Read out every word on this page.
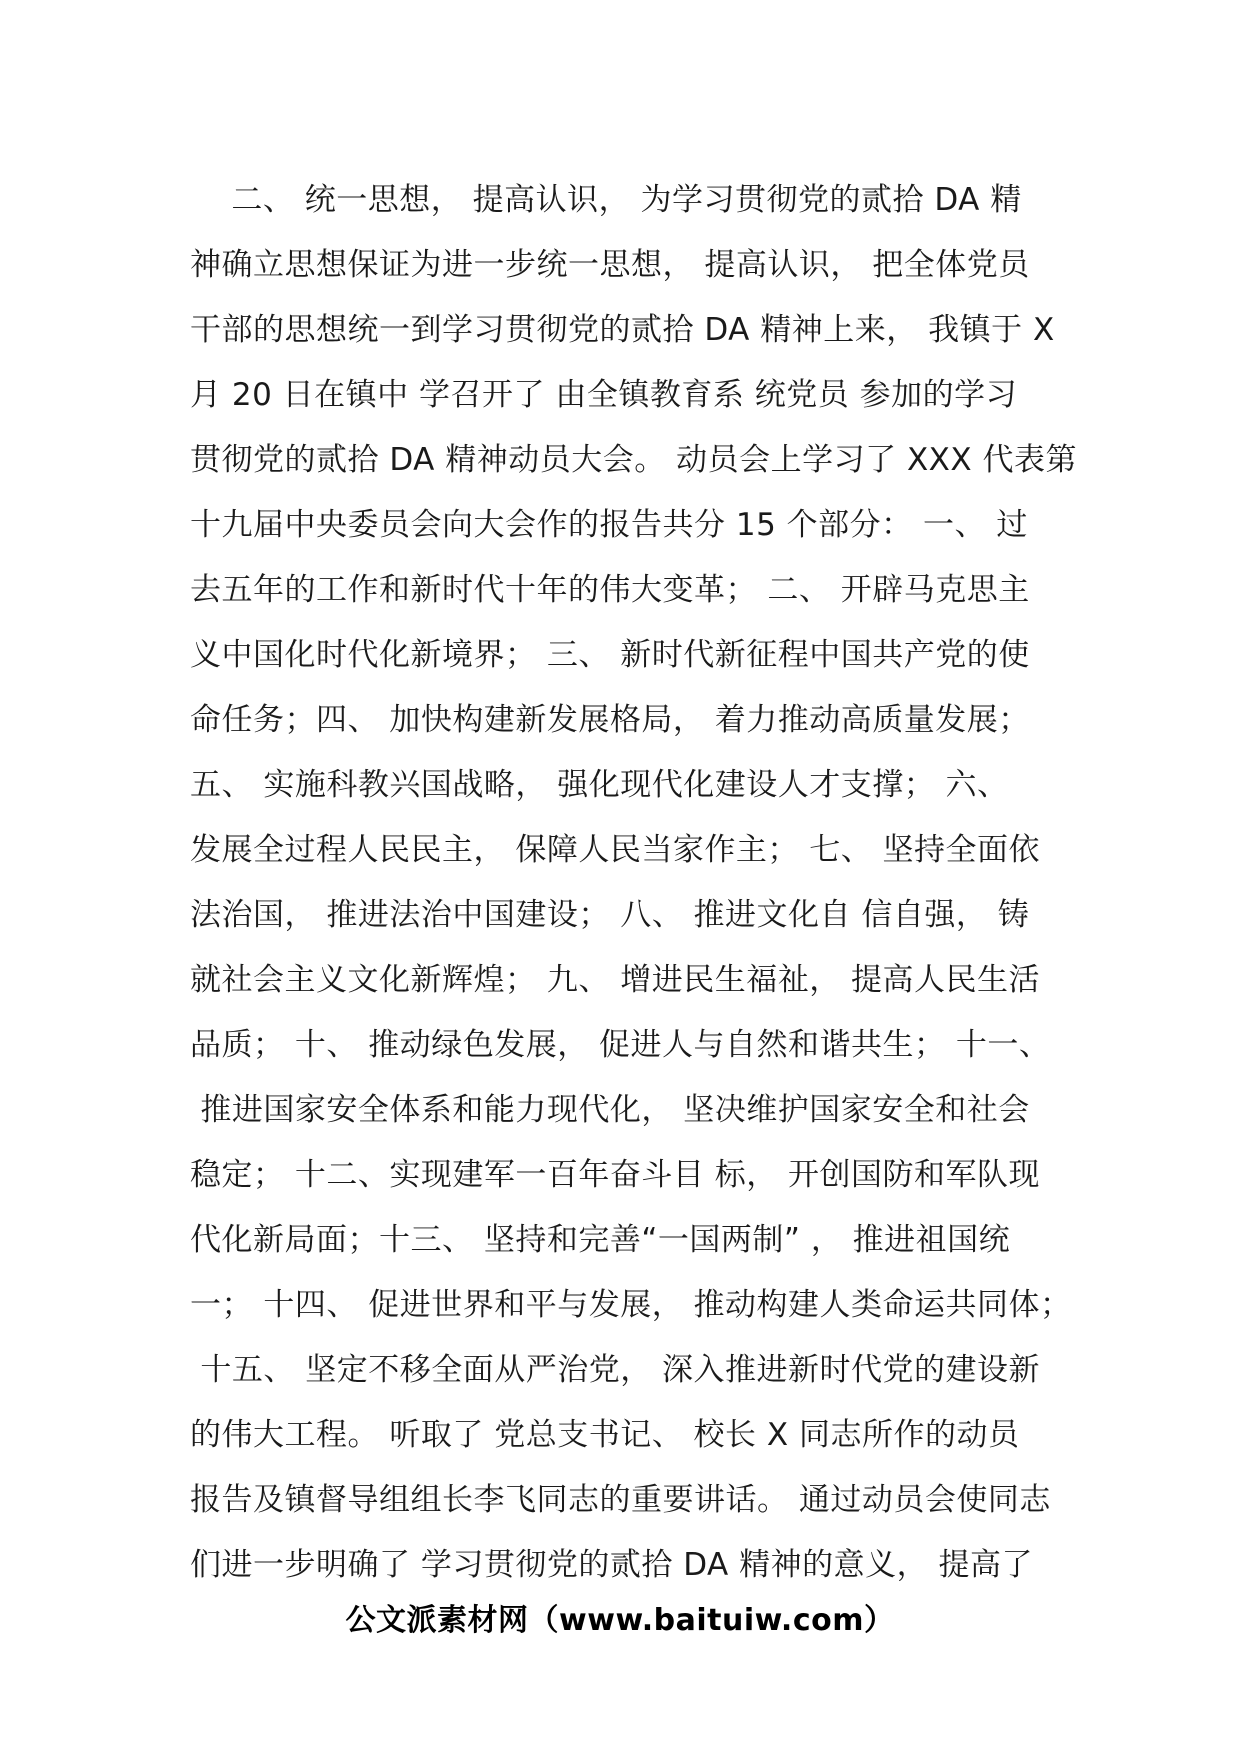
二、 统一思想， 提高认识， 为学习贯彻党的贰拾 DA 精
神确立思想保证为进一步统一思想， 提高认识， 把全体党员
干部的思想统一到学习贯彻党的贰拾 DA 精神上来， 我镇于 X
月 20 日在镇中 学召开了 由全镇教育系 统党员 参加的学习
贯彻党的贰拾 DA 精神动员大会。 动员会上学习了 XXX 代表第
十九届中央委员会向大会作的报告共分 15 个部分： 一、 过
去五年的工作和新时代十年的伟大变革； 二、 开辟马克思主
义中国化时代化新境界； 三、 新时代新征程中国共产党的使
命任务；四、 加快构建新发展格局， 着力推动高质量发展；
五、 实施科教兴国战略， 强化现代化建设人才支撑； 六、
发展全过程人民民主， 保障人民当家作主； 七、 坚持全面依
法治国， 推进法治中国建设； 八、 推进文化自 信自强， 铸
就社会主义文化新辉煌； 九、 增进民生福祉， 提高人民生活
品质； 十、 推动绿色发展， 促进人与自然和谐共生； 十一、
推进国家安全体系和能力现代化， 坚决维护国家安全和社会
稳定； 十二、实现建军一百年奋斗目 标， 开创国防和军队现
代化新局面；十三、 坚持和完善“一国两制” ， 推进祖国统
一； 十四、 促进世界和平与发展， 推动构建人类命运共同体；
十五、 坚定不移全面从严治党， 深入推进新时代党的建设新
的伟大工程。 听取了 党总支书记、 校长 X 同志所作的动员
报告及镇督导组组长李飞同志的重要讲话。 通过动员会使同志
们进一步明确了 学习贯彻党的贰拾 DA 精神的意义， 提高了
公文派素材网（www.baituiw.com）
